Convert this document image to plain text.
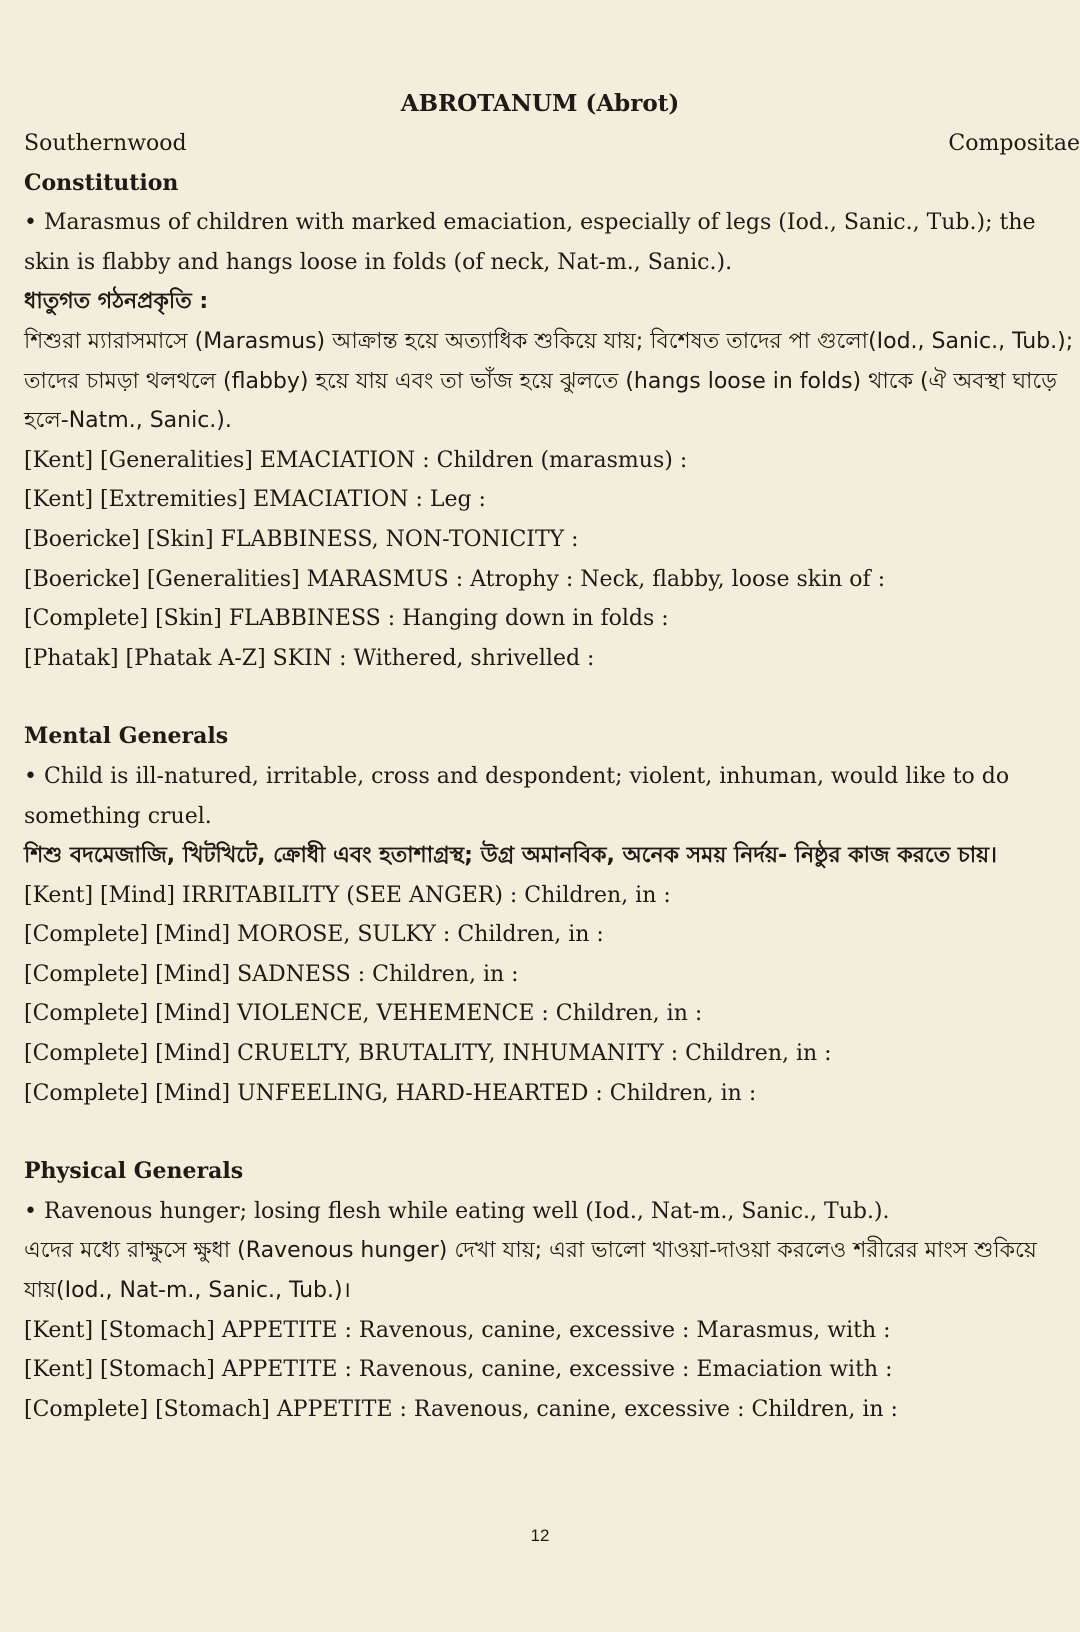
ABROTANUM (Abrot)
Southernwood	Compositae
Constitution
• Marasmus of children with marked emaciation, especially of legs (Iod., Sanic., Tub.); the skin is flabby and hangs loose in folds (of neck, Nat-m., Sanic.).
ধাতুগত গঠনপ্রকৃতি :
শিশুরা ম্যারাসমাসে (Marasmus) আক্রান্ত হয়ে অত্যাধিক শুকিয়ে যায়; বিশেষত তাদের পা গুলো(Iod., Sanic., Tub.); তাদের চামড়া থলথলে (flabby) হয়ে যায় এবং তা ভাঁজ হয়ে ঝুলতে (hangs loose in folds) থাকে (ঐ অবস্থা ঘাড়ে হলে-Natm., Sanic.).
[Kent] [Generalities] EMACIATION : Children (marasmus) :
[Kent] [Extremities] EMACIATION : Leg :
[Boericke] [Skin] FLABBINESS, NON-TONICITY :
[Boericke] [Generalities] MARASMUS : Atrophy : Neck, flabby, loose skin of :
[Complete] [Skin] FLABBINESS : Hanging down in folds :
[Phatak] [Phatak A-Z] SKIN : Withered, shrivelled :
Mental Generals
• Child is ill-natured, irritable, cross and despondent; violent, inhuman, would like to do something cruel.
শিশু বদমেজাজি, খিটখিটে, ক্রোধী এবং হতাশাগ্রস্থ; উগ্র অমানবিক, অনেক সময় নির্দয়- নিষ্ঠুর কাজ করতে চায়।
[Kent] [Mind] IRRITABILITY (SEE ANGER) : Children, in :
[Complete] [Mind] MOROSE, SULKY : Children, in :
[Complete] [Mind] SADNESS : Children, in :
[Complete] [Mind] VIOLENCE, VEHEMENCE : Children, in :
[Complete] [Mind] CRUELTY, BRUTALITY, INHUMANITY : Children, in :
[Complete] [Mind] UNFEELING, HARD-HEARTED : Children, in :
Physical Generals
• Ravenous hunger; losing flesh while eating well (Iod., Nat-m., Sanic., Tub.).
এদের মধ্যে রাক্ষুসে ক্ষুধা (Ravenous hunger) দেখা যায়; এরা ভালো খাওয়া-দাওয়া করলেও শরীরের মাংস শুকিয়ে যায়(Iod., Nat-m., Sanic., Tub.)।
[Kent] [Stomach] APPETITE : Ravenous, canine, excessive : Marasmus, with :
[Kent] [Stomach] APPETITE : Ravenous, canine, excessive : Emaciation with :
[Complete] [Stomach] APPETITE : Ravenous, canine, excessive : Children, in :
12
